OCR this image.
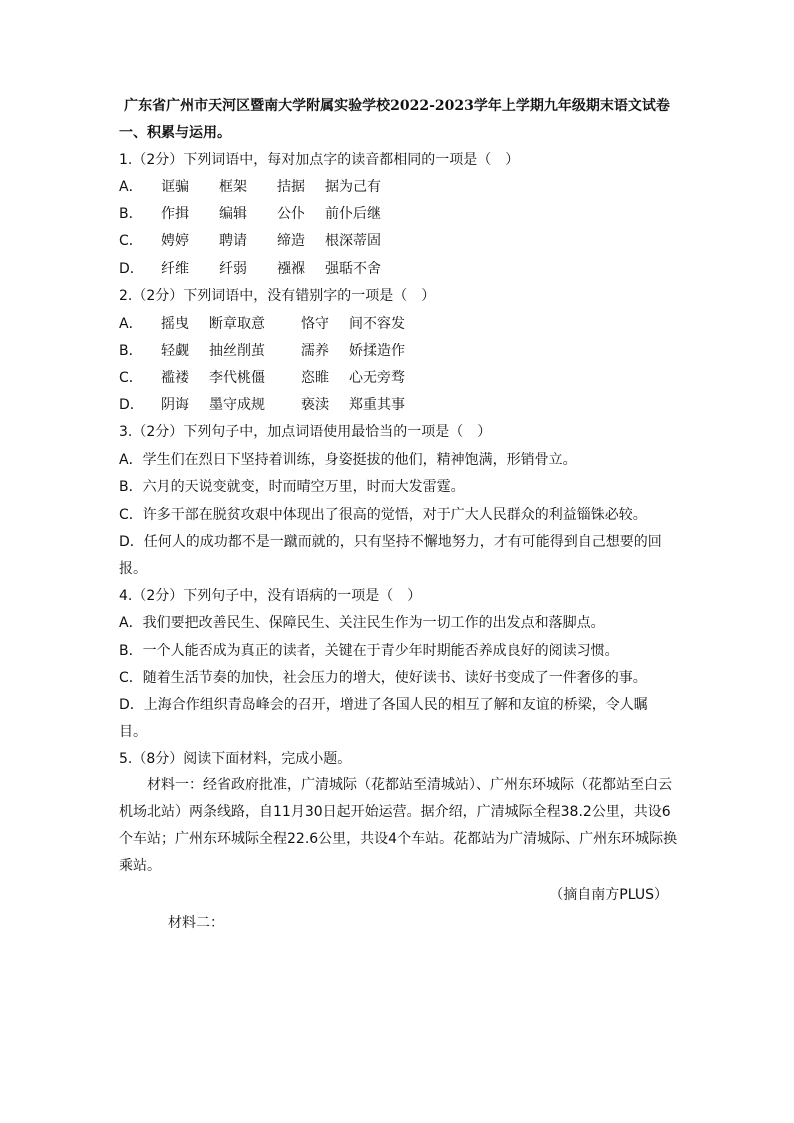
广东省广州市天河区暨南大学附属实验学校2022-2023学年上学期九年级期末语文试卷
一、积累与运用。
1.（2分）下列词语中，每对加点字的读音都相同的一项是（　）
A． 诓骗 框架 拮据 据为己有
B． 作揖 编辑 公仆 前仆后继
C． 娉婷 聘请 缔造 根深蒂固
D． 纤维 纤弱 襁褓 强聒不舍
2.（2分）下列词语中，没有错别字的一项是（　）
A． 摇曳 断章取意	恪守 间不容发
B． 轻觑 抽丝削茧	濡养 娇揉造作
C． 褴褛 李代桃僵	恣睢 心无旁骛
D． 阴诲 墨守成规	亵渎 郑重其事
3.（2分）下列句子中，加点词语使用最恰当的一项是（　）
A．学生们在烈日下坚持着训练，身姿挺拔的他们，精神饱满，形销骨立。
B．六月的天说变就变，时而晴空万里，时而大发雷霆。
C．许多干部在脱贫攻艰中体现出了很高的觉悟，对于广大人民群众的利益锱铢必较。
D．任何人的成功都不是一蹴而就的，只有坚持不懈地努力，才有可能得到自己想要的回
报。
4.（2分）下列句子中，没有语病的一项是（　）
A．我们要把改善民生、保障民生、关注民生作为一切工作的出发点和落脚点。
B．一个人能否成为真正的读者，关键在于青少年时期能否养成良好的阅读习惯。
C．随着生活节奏的加快，社会压力的增大，使好读书、读好书变成了一件奢侈的事。
D．上海合作组织青岛峰会的召开，增进了各国人民的相互了解和友谊的桥梁，令人瞩
目。
5.（8分）阅读下面材料，完成小题。
材料一：经省政府批准，广清城际（花都站至清城站）、广州东环城际（花都站至白云机场北站）两条线路，自11月30日起开始运营。据介绍，广清城际全程38.2公里，共设6个车站；广州东环城际全程22.6公里，共设4个车站。花都站为广清城际、广州东环城际换乘站。
（摘自南方PLUS）
材料二：
